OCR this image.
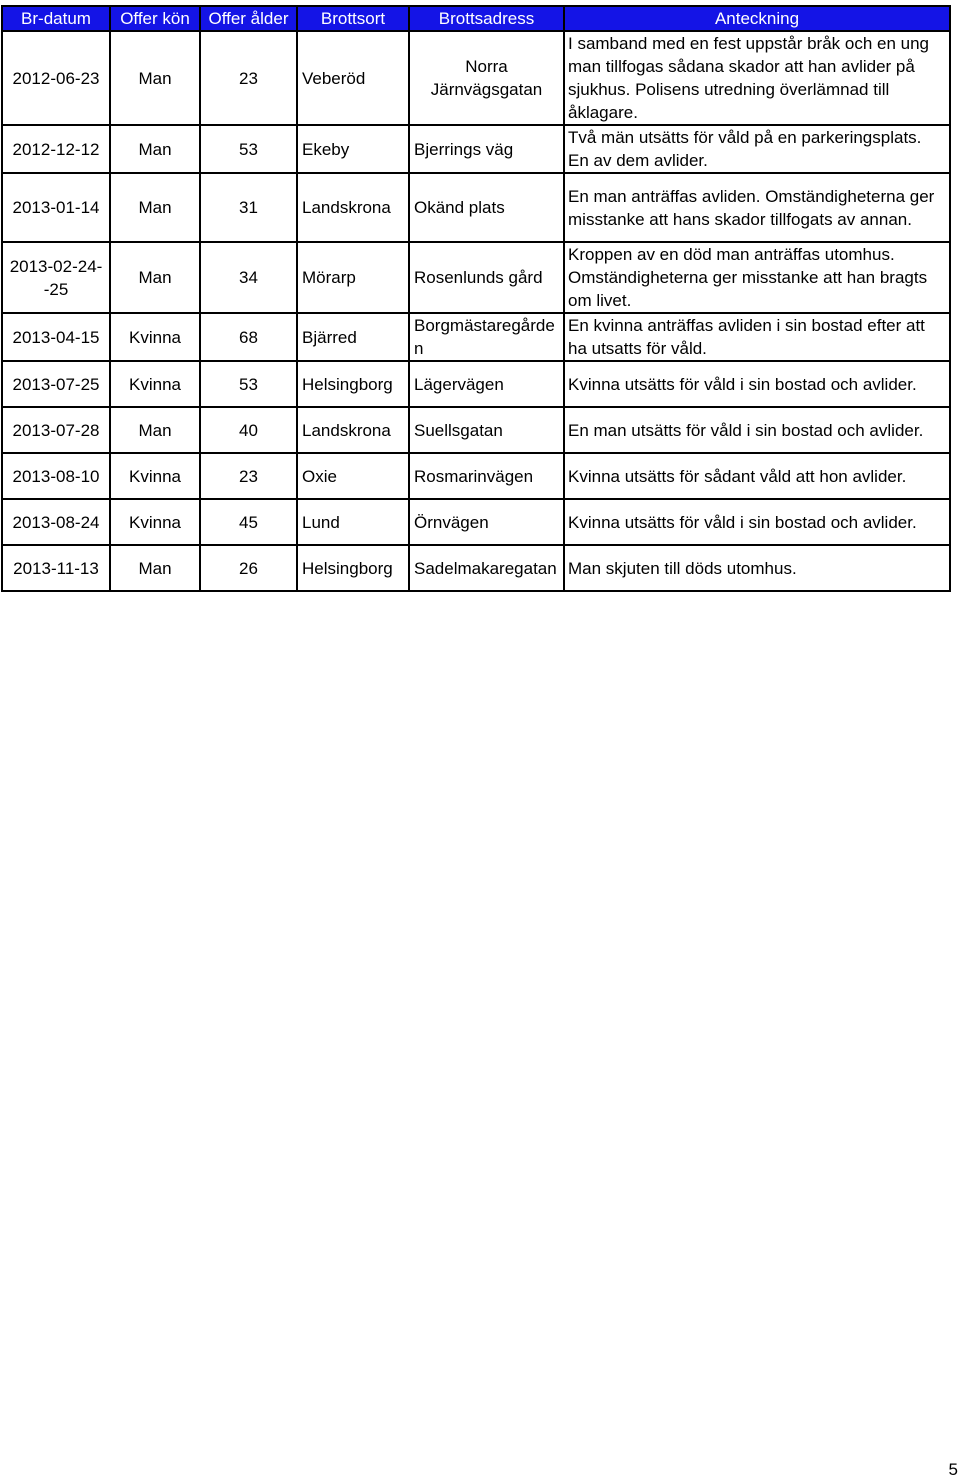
Br-datum	Offer kön	Offer ålder	Brottsort	Brottsadress	Anteckning
2012-06-23	Man	23	Veberöd	Norra Järnvägsgatan	I samband med en fest uppstår bråk och en ung man tillfogas sådana skador att han avlider på sjukhus. Polisens utredning överlämnad till åklagare.
2012-12-12	Man	53	Ekeby	Bjerrings väg	Två män utsätts för våld på en parkeringsplats. En av dem avlider.
2013-01-14	Man	31	Landskrona	Okänd plats	En man anträffas avliden. Omständigheterna ger misstanke att hans skador tillfogats av annan.
2013-02-24--25	Man	34	Mörarp	Rosenlunds gård	Kroppen av en död man anträffas utomhus. Omständigheterna ger misstanke att han bragts om livet.
2013-04-15	Kvinna	68	Bjärred	Borgmästaregården	En kvinna anträffas avliden i sin bostad efter att ha utsatts för våld.
2013-07-25	Kvinna	53	Helsingborg	Lägervägen	Kvinna utsätts för våld i sin bostad och avlider.
2013-07-28	Man	40	Landskrona	Suellsgatan	En man utsätts för våld i sin bostad och avlider.
2013-08-10	Kvinna	23	Oxie	Rosmarinvägen	Kvinna utsätts för sådant våld att hon avlider.
2013-08-24	Kvinna	45	Lund	Örnvägen	Kvinna utsätts för våld i sin bostad och avlider.
2013-11-13	Man	26	Helsingborg	Sadelmakaregatan	Man skjuten till döds utomhus.
5
